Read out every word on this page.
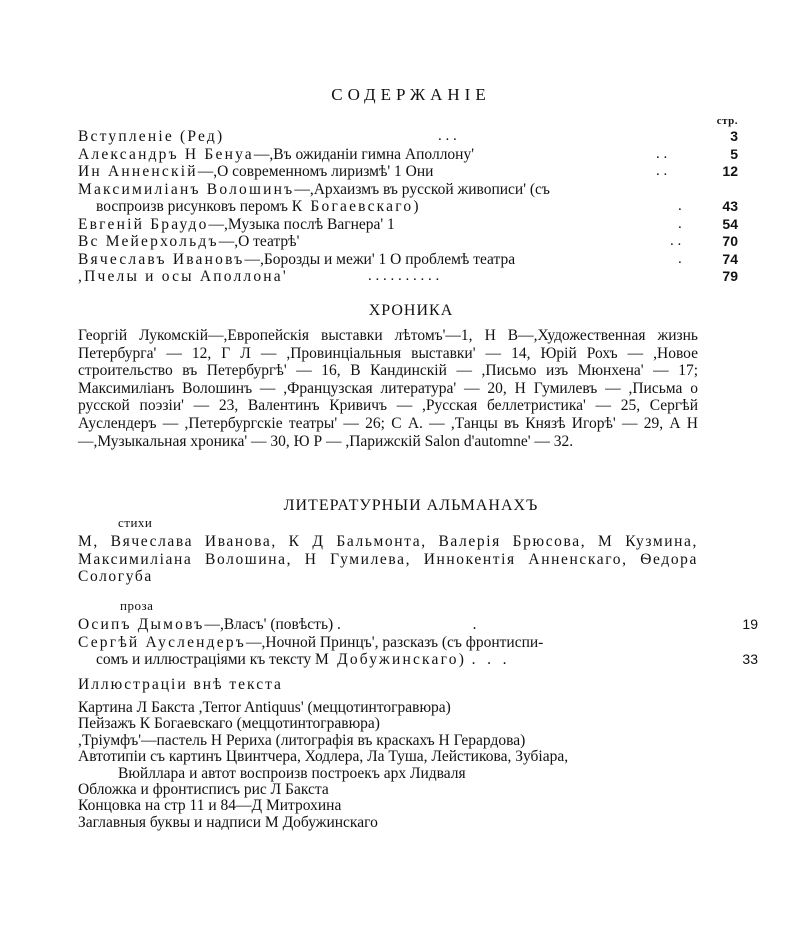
СОДЕРЖАНІЕ
стр.
Вступленіе (Ред)	. . .	3
Александръ Н Бенуа—,Въ ожиданіи гимна Аполлону'	. .	5
Ин Анненскій—,О современномъ лиризмѣ' 1 Они	. .	12
Максимиліанъ Волошинъ—,Архаизмъ въ русской живописи' (съ
воспроизв рисунковъ перомъ К Богаевскаго)	.	43
Евгеній Браудо—,Музыка послѣ Вагнера' 1	.	54
Вс Мейерхольдъ—,О театрѣ'	. .	70
Вячеславъ Ивановъ—,Борозды и межи' 1 О проблемѣ театра	.	74
,Пчелы и осы Аполлона'	. . . . . . . . . .	79
ХРОНИКА
Георгій Лукомскій—,Европейскія выставки лѣтомъ'—1, Н В—,Художественная жизнь Петербурга' — 12, Г Л — ,Провинціальныя выставки' — 14, Юрій Рохъ — ,Новое строительство въ Петербургѣ' — 16, В Кандинскій — ,Письмо изъ Мюнхена' — 17; Максимиліанъ Волошинъ — ,Французская литература' — 20, Н Гумилевъ — ,Письма о русской поэзіи' — 23, Валентинъ Кривичъ — ,Русская беллетристика' — 25, Сергѣй Ауслендеръ — ,Петербургскіе театры' — 26; С А. — ,Танцы въ Князѣ Игорѣ' — 29, А Н —,Музыкальная хроника' — 30, Ю Р — ,Парижскій Salon d'automne' — 32.
ЛИТЕРАТУРНЫИ АЛЬМАНАХЪ
стихи
М, Вячеслава Иванова, К Д Бальмонта, Валерія Брюсова, М Кузмина, Максимиліана Волошина, Н Гумилева, Иннокентія Анненскаго, Ѳедора Сологуба
проза
Осипъ Дымовъ—,Власъ' (повѣсть) .                                  .	19
Сергѣй Ауслендеръ—,Ночной Принцъ', разсказъ (съ фронтиспи-
сомъ и иллюстраціями къ тексту М Добужинскаго) .   .   .	33
Иллюстраціи внѣ текста
Картина Л Бакста ,Terror Antiquus' (меццотинтогравюра)
Пейзажъ К Богаевскаго (меццотинтогравюра)
,Тріумфъ'—пастель Н Рериха (литографія въ краскахъ Н Герардова)
Автотипіи съ картинъ Цвинтчера, Ходлера, Ла Туша, Лейстикова, Зубіара,
Вюйллара и автот воспроизв построекъ арх Лидваля
Обложка и фронтисписъ рис Л Бакста
Концовка на стр 11 и 84—Д Митрохина
Заглавныя буквы и надписи М Добужинскаго
